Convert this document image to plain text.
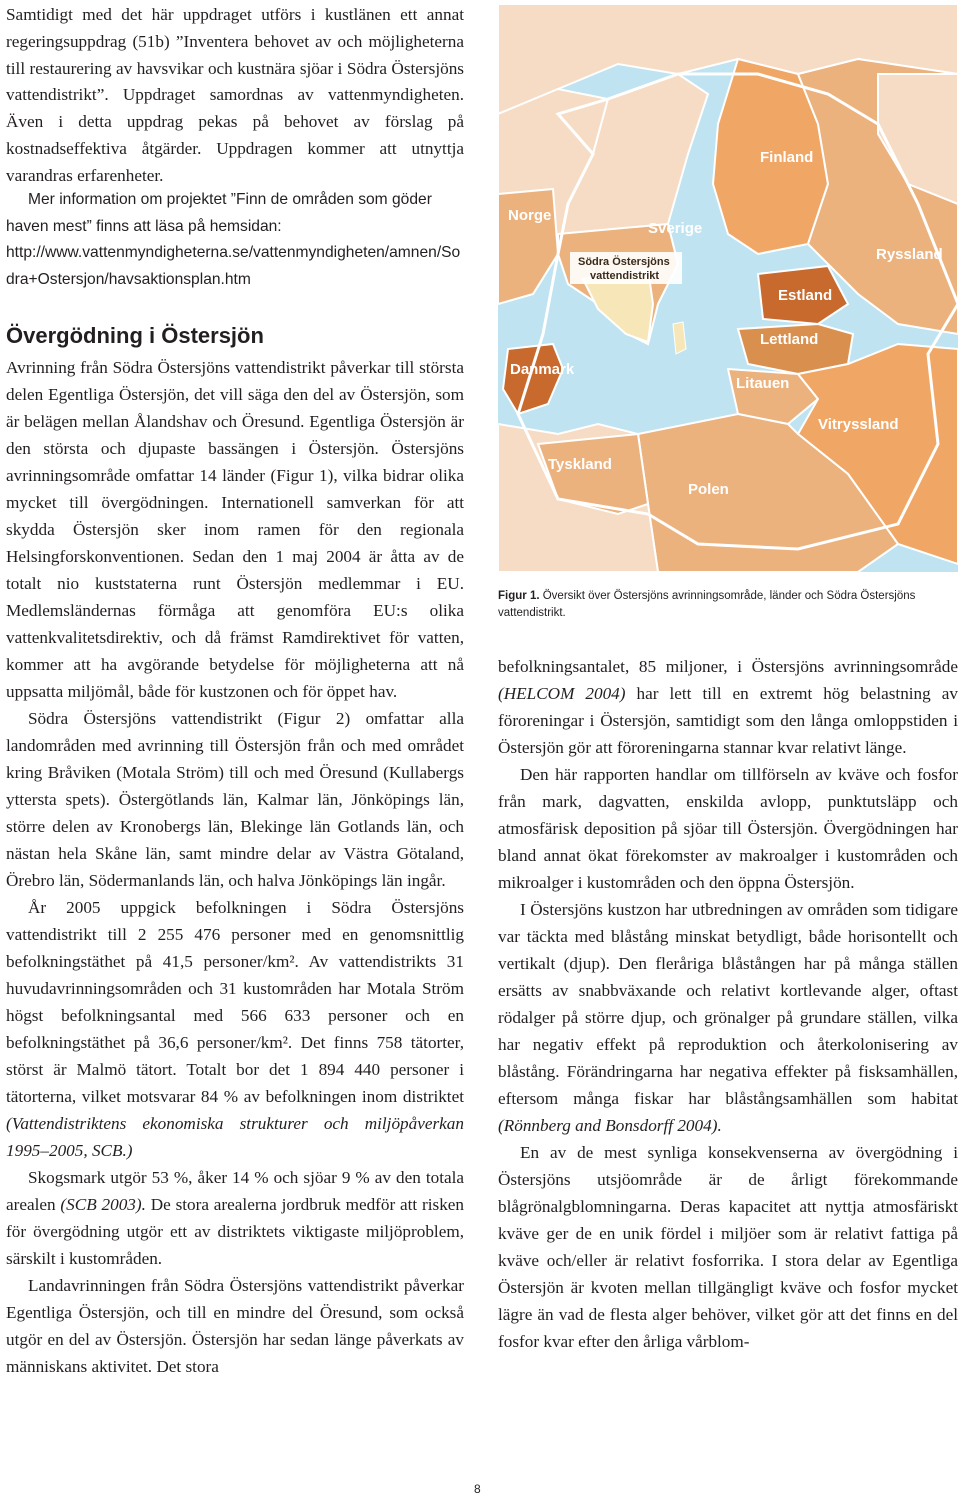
Samtidigt med det här uppdraget utförs i kustlänen ett annat regeringsuppdrag (51b) ”Inventera behovet av och möjligheterna till restaurering av havsvikar och kustnära sjöar i Södra Östersjöns vattendistrikt”. Uppdraget samordnas av vattenmyndigheten. Även i detta uppdrag pekas på behovet av förslag på kostnadseffektiva åtgärder. Uppdragen kommer att utnyttja varandras erfarenheter.

Mer information om projektet ”Finn de områden som göder haven mest” finns att läsa på hemsidan:

http://www.vattenmyndigheterna.se/vattenmyndigheten/amnen/Sodra+Ostersjon/havsaktionsplan.htm

Övergödning i Östersjön

Avrinning från Södra Östersjöns vattendistrikt påverkar till största delen Egentliga Östersjön, det vill säga den del av Östersjön, som är belägen mellan Ålandshav och Öresund. Egentliga Östersjön är den största och djupaste bassängen i Östersjön. Östersjöns avrinningsområde omfattar 14 länder (Figur 1), vilka bidrar olika mycket till övergödningen. Internationell samverkan för att skydda Östersjön sker inom ramen för den regionala Helsingforskonventionen. Sedan den 1 maj 2004 är åtta av de totalt nio kuststaterna runt Östersjön medlemmar i EU. Medlemsländernas förmåga att genomföra EU:s olika vattenkvalitetsdirektiv, och då främst Ramdirektivet för vatten, kommer att ha avgörande betydelse för möjligheterna att nå uppsatta miljömål, både för kustzonen och för öppet hav.

Södra Östersjöns vattendistrikt (Figur 2) omfattar alla landområden med avrinning till Östersjön från och med området kring Bråviken (Motala Ström) till och med Öresund (Kullabergs yttersta spets). Östergötlands län, Kalmar län, Jönköpings län, större delen av Kronobergs län, Blekinge län Gotlands län, och nästan hela Skåne län, samt mindre delar av Västra Götaland, Örebro län, Södermanlands län, och halva Jönköpings län ingår.

År 2005 uppgick befolkningen i Södra Östersjöns vattendistrikt till 2 255 476 personer med en genomsnittlig befolkningstäthet på 41,5 personer/km². Av vattendistrikts 31 huvudavrinningsområden och 31 kustområden har Motala Ström högst befolkningsantal med 566 633 personer och en befolkningstäthet på 36,6 personer/km². Det finns 758 tätorter, störst är Malmö tätort. Totalt bor det 1 894 440 personer i tätorterna, vilket motsvarar 84 % av befolkningen inom distriktet (Vattendistriktens ekonomiska strukturer och miljöpåverkan 1995–2005, SCB.)

Skogsmark utgör 53 %, åker 14 % och sjöar 9 % av den totala arealen (SCB 2003). De stora arealerna jordbruk medför att risken för övergödning utgör ett av distriktets viktigaste miljöproblem, särskilt i kustområden.

Landavrinningen från Södra Östersjöns vattendistrikt påverkar Egentliga Östersjön, och till en mindre del Öresund, som också utgör en del av Östersjön. Östersjön har sedan länge påverkats av människans aktivitet. Det stora

Finland
Norge
Sverige
Ryssland
Estland
Lettland
Danmark
Litauen
Vitryssland
Tyskland
Polen
Södra Östersjöns
vattendistrikt

Figur 1. Översikt över Östersjöns avrinningsområde, länder och Södra Östersjöns vattendistrikt.

befolkningsantalet, 85 miljoner, i Östersjöns avrinningsområde (HELCOM 2004) har lett till en extremt hög belastning av föroreningar i Östersjön, samtidigt som den långa omloppstiden i Östersjön gör att föroreningarna stannar kvar relativt länge.

Den här rapporten handlar om tillförseln av kväve och fosfor från mark, dagvatten, enskilda avlopp, punktutsläpp och atmosfärisk deposition på sjöar till Östersjön. Övergödningen har bland annat ökat förekomster av makroalger i kustområden och mikroalger i kustområden och den öppna Östersjön.

I Östersjöns kustzon har utbredningen av områden som tidigare var täckta med blåstång minskat betydligt, både horisontellt och vertikalt (djup). Den fleråriga blåstången har på många ställen ersätts av snabbväxande och relativt kortlevande alger, oftast rödalger på större djup, och grönalger på grundare ställen, vilka har negativ effekt på reproduktion och återkolonisering av blåstång. Förändringarna har negativa effekter på fisksamhällen, eftersom många fiskar har blåstångsamhällen som habitat (Rönnberg and Bonsdorff 2004).

En av de mest synliga konsekvenserna av övergödning i Östersjöns utsjöområde är de årligt förekommande blågrönalgblomningarna. Deras kapacitet att nyttja atmosfäriskt kväve ger de en unik fördel i miljöer som är relativt fattiga på kväve och/eller är relativt fosforrika. I stora delar av Egentliga Östersjön är kvoten mellan tillgängligt kväve och fosfor mycket lägre än vad de flesta alger behöver, vilket gör att det finns en del fosfor kvar efter den årliga vårblom-

8
